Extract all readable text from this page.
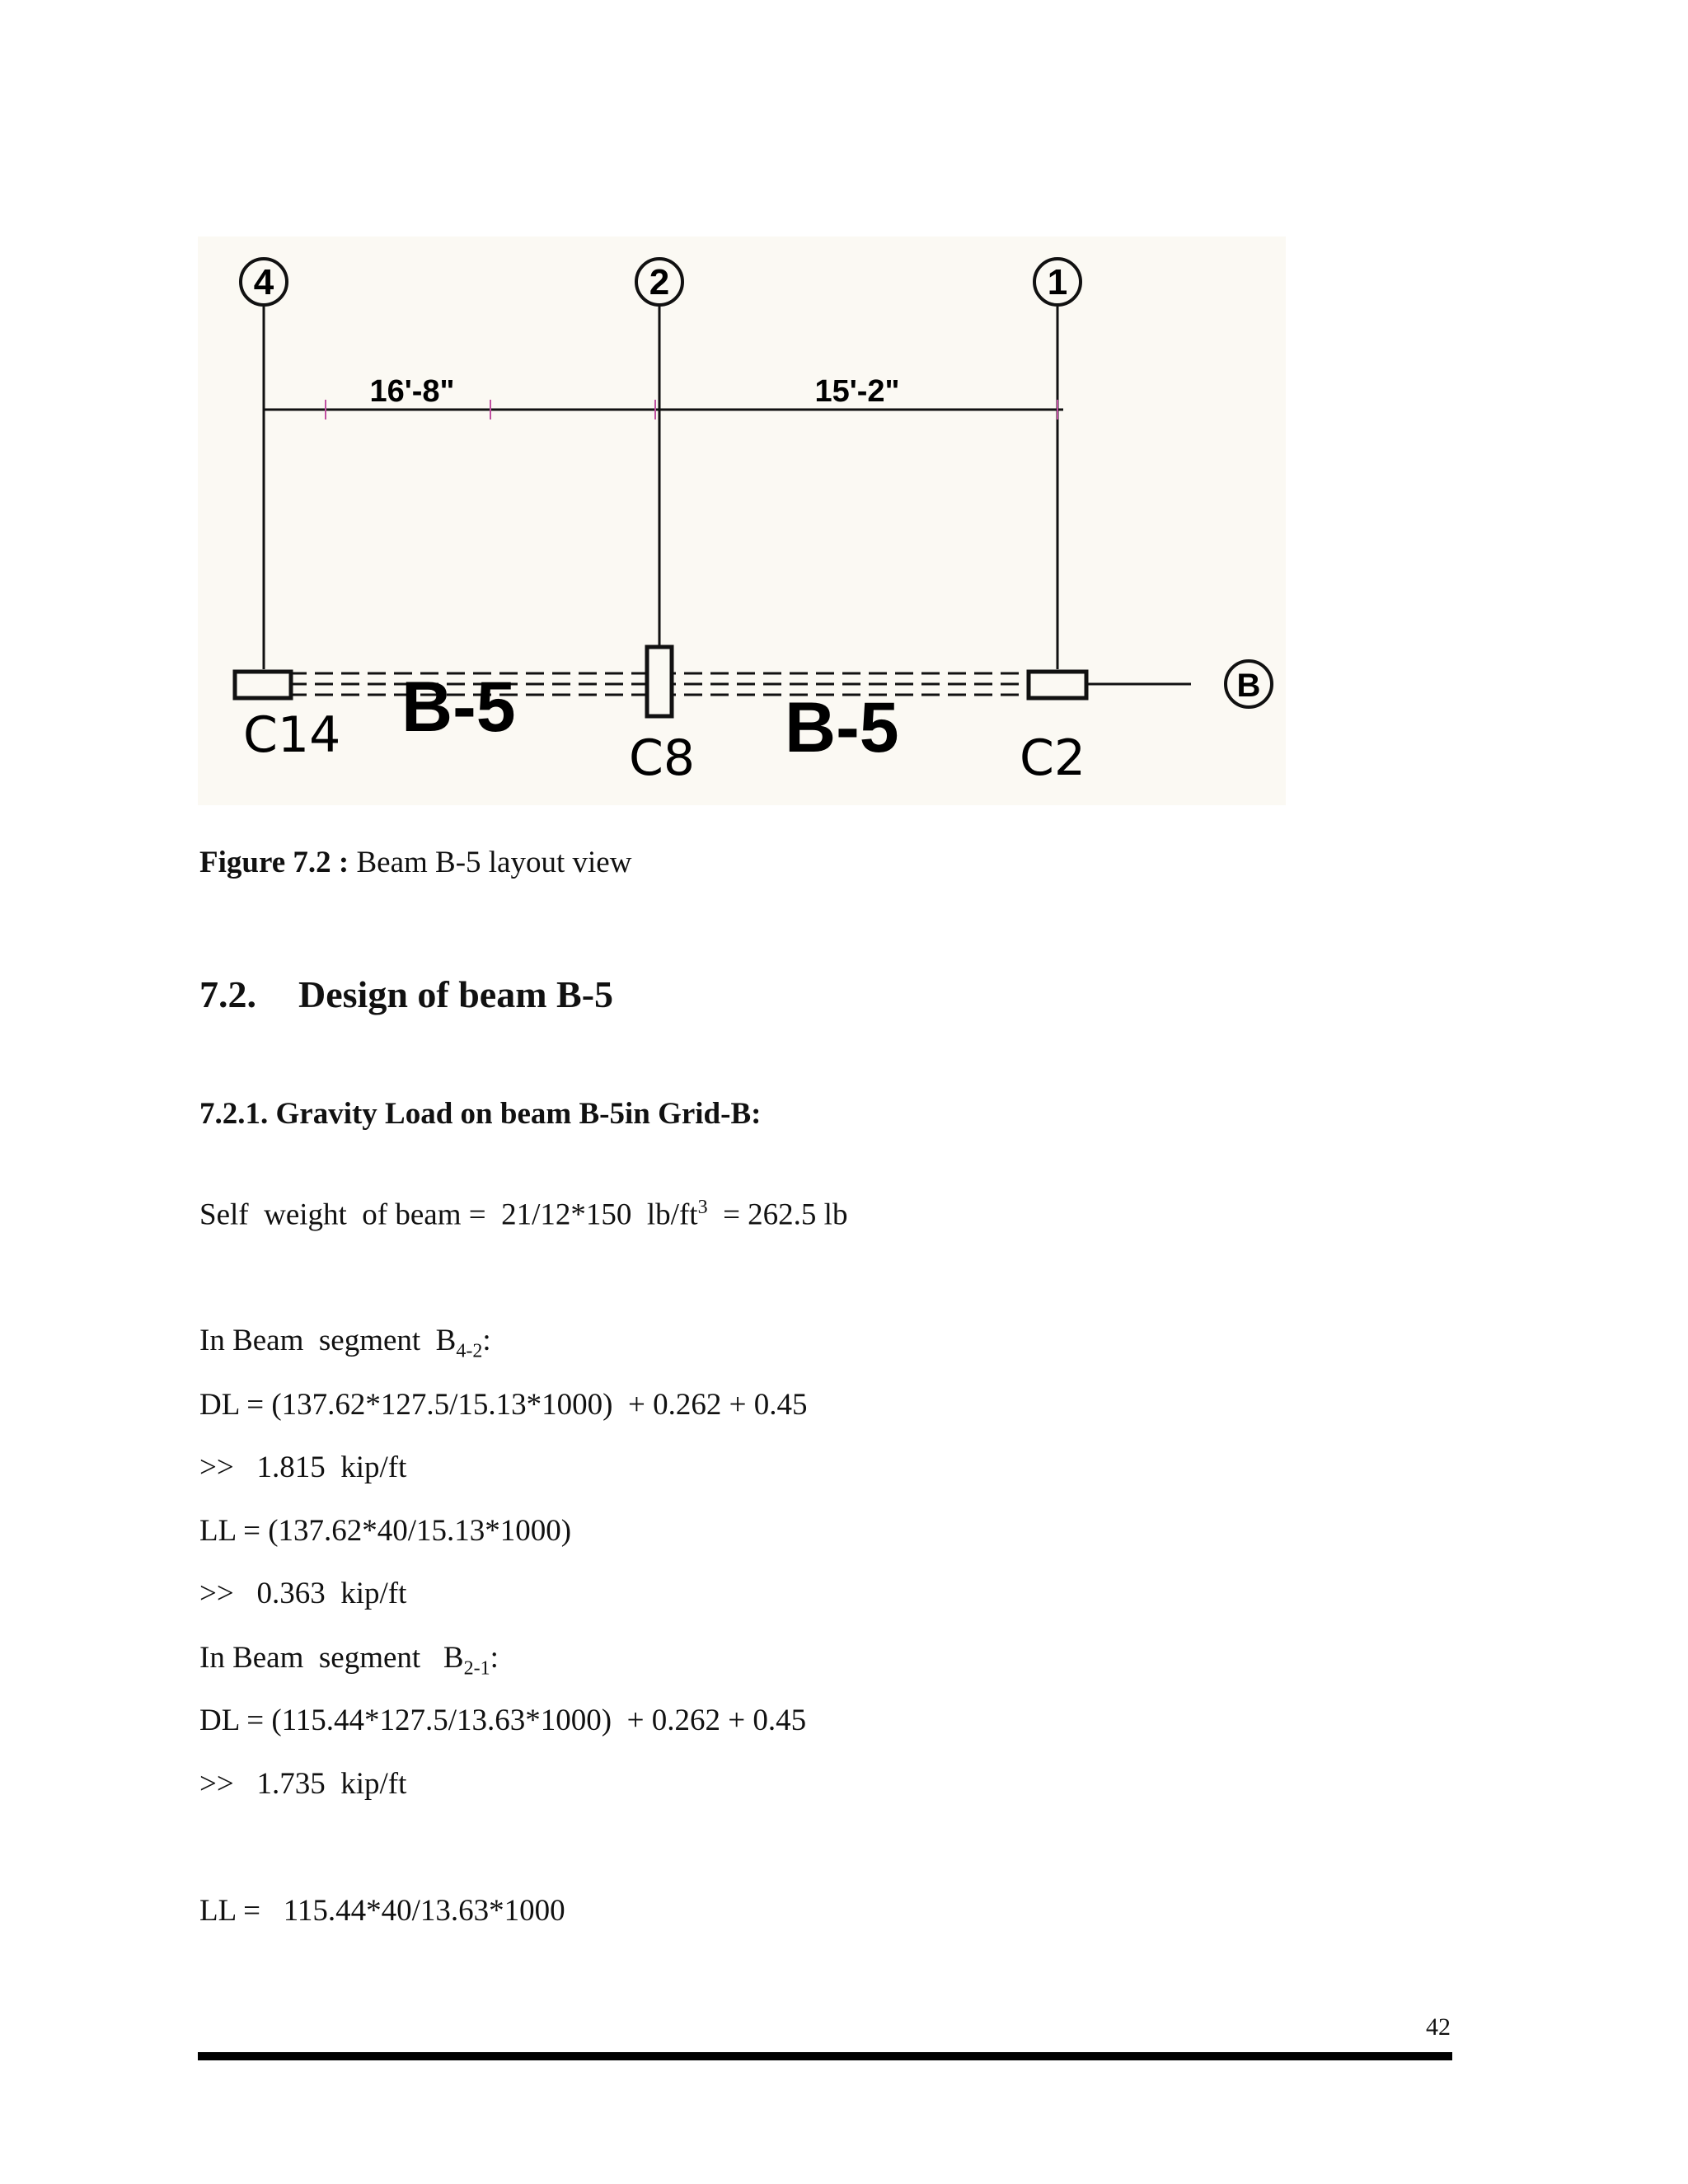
4	2	1
B
16'-8"	15'-2"
C14	C8	C2
B-5	B-5
Figure 7.2 : Beam B-5 layout view
7.2. Design of beam B-5
7.2.1. Gravity Load on beam B-5in Grid-B:
Self  weight  of beam =  21/12*150  $lb/ft^3 = 262.5$ lb
In Beam  segment  $B_{4-2}$:
DL = (137.62*127.5/15.13*1000)  + 0.262 + 0.45
>>   1.815  kip/ft
LL = (137.62*40/15.13*1000)
>>   0.363  kip/ft
In Beam  segment   $B_{2-1}$:
DL = (115.44*127.5/13.63*1000)  + 0.262 + 0.45
>>   1.735  kip/ft
LL =   115.44*40/13.63*1000
42
